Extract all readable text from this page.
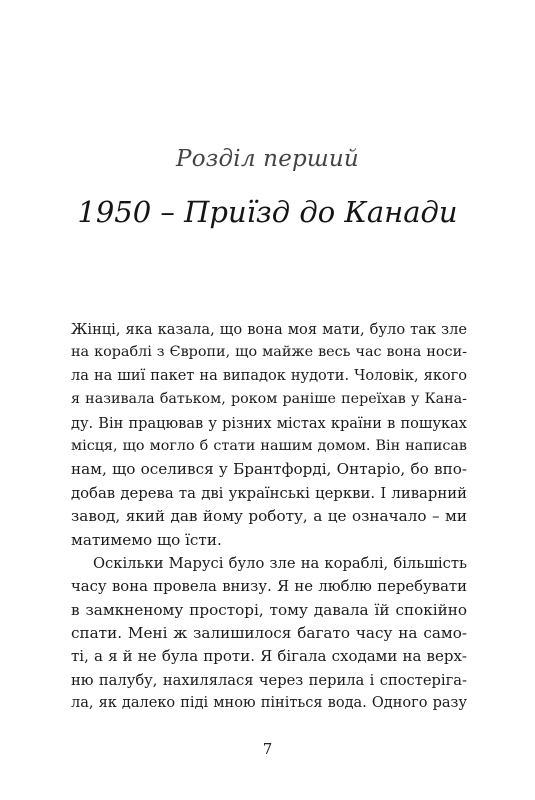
Розділ перший
1950 – Приїзд до Канади
Жінці, яка казала, що вона моя мати, було так зле
на кораблі з Європи, що майже весь час вона носи-
ла на шиї пакет на випадок нудоти. Чоловік, якого
я називала батьком, роком раніше переїхав у Кана-
ду. Він працював у різних містах країни в пошуках
місця, що могло б стати нашим домом. Він написав
нам, що оселився у Брантфорді, Онтаріо, бо впо-
добав дерева та дві українські церкви. І ливарний
завод, який дав йому роботу, а це означало – ми
матимемо що їсти.
Оскільки Марусі було зле на кораблі, більшість
часу вона провела внизу. Я не люблю перебувати
в замкненому просторі, тому давала їй спокійно
спати. Мені ж залишилося багато часу на само-
ті, а я й не була проти. Я бігала сходами на верх-
ню палубу, нахилялася через перила і спостеріга-
ла, як далеко піді мною пініться вода. Одного разу
7
